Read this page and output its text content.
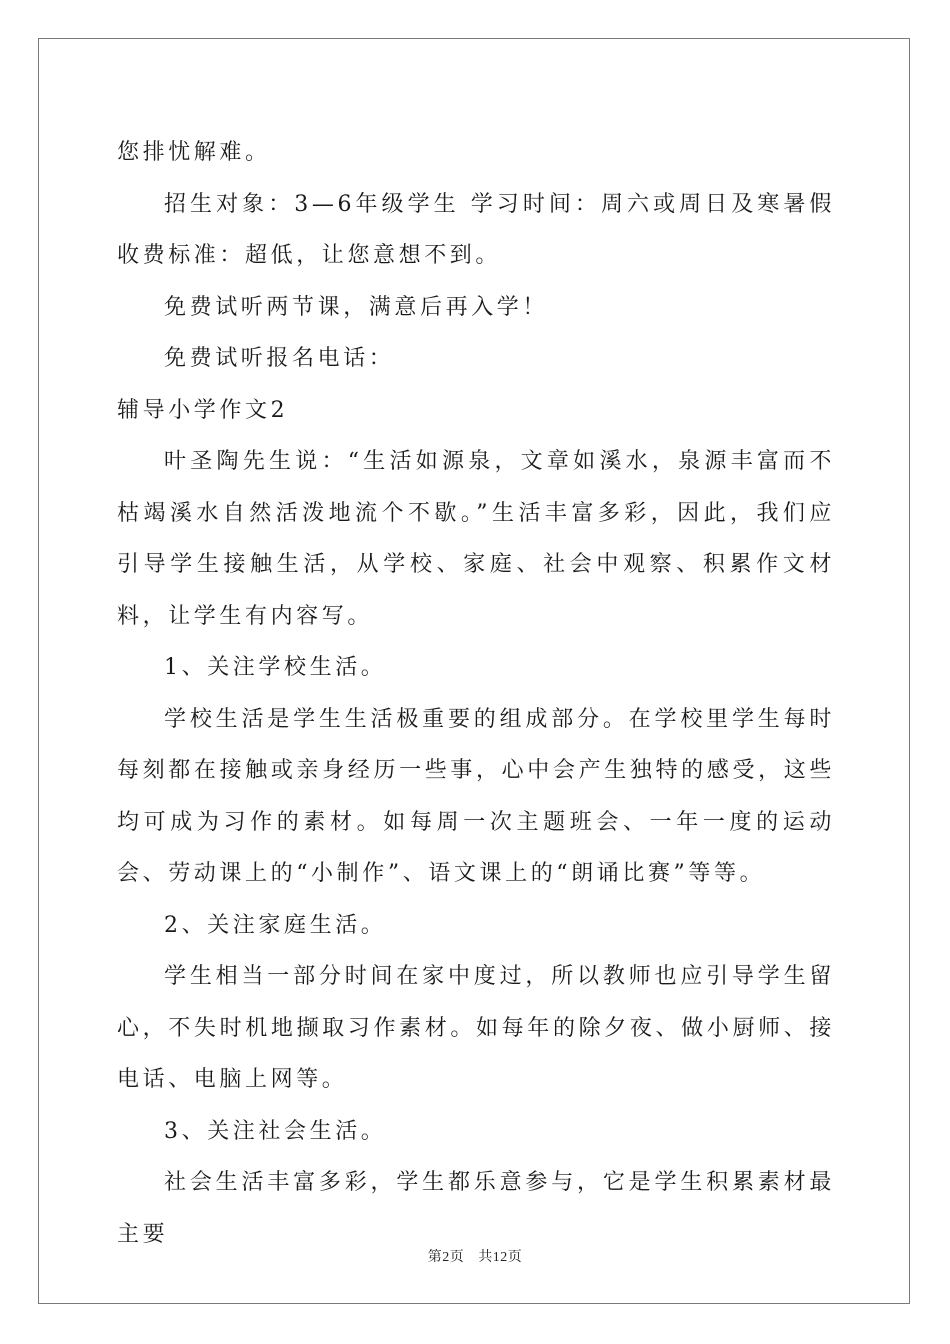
您排忧解难。

招生对象：3—6年级学生 学习时间：周六或周日及寒暑假 收费标准：超低，让您意想不到。

免费试听两节课，满意后再入学！

免费试听报名电话：

辅导小学作文2

叶圣陶先生说：“生活如源泉，文章如溪水，泉源丰富而不枯竭溪水自然活泼地流个不歇。”生活丰富多彩，因此，我们应引导学生接触生活，从学校、家庭、社会中观察、积累作文材料，让学生有内容写。

1、关注学校生活。

学校生活是学生生活极重要的组成部分。在学校里学生每时每刻都在接触或亲身经历一些事，心中会产生独特的感受，这些均可成为习作的素材。如每周一次主题班会、一年一度的运动会、劳动课上的“小制作”、语文课上的“朗诵比赛”等等。

2、关注家庭生活。

学生相当一部分时间在家中度过，所以教师也应引导学生留心，不失时机地撷取习作素材。如每年的除夕夜、做小厨师、接电话、电脑上网等。

3、关注社会生活。

社会生活丰富多彩，学生都乐意参与，它是学生积累素材最主要

第2页 共12页
